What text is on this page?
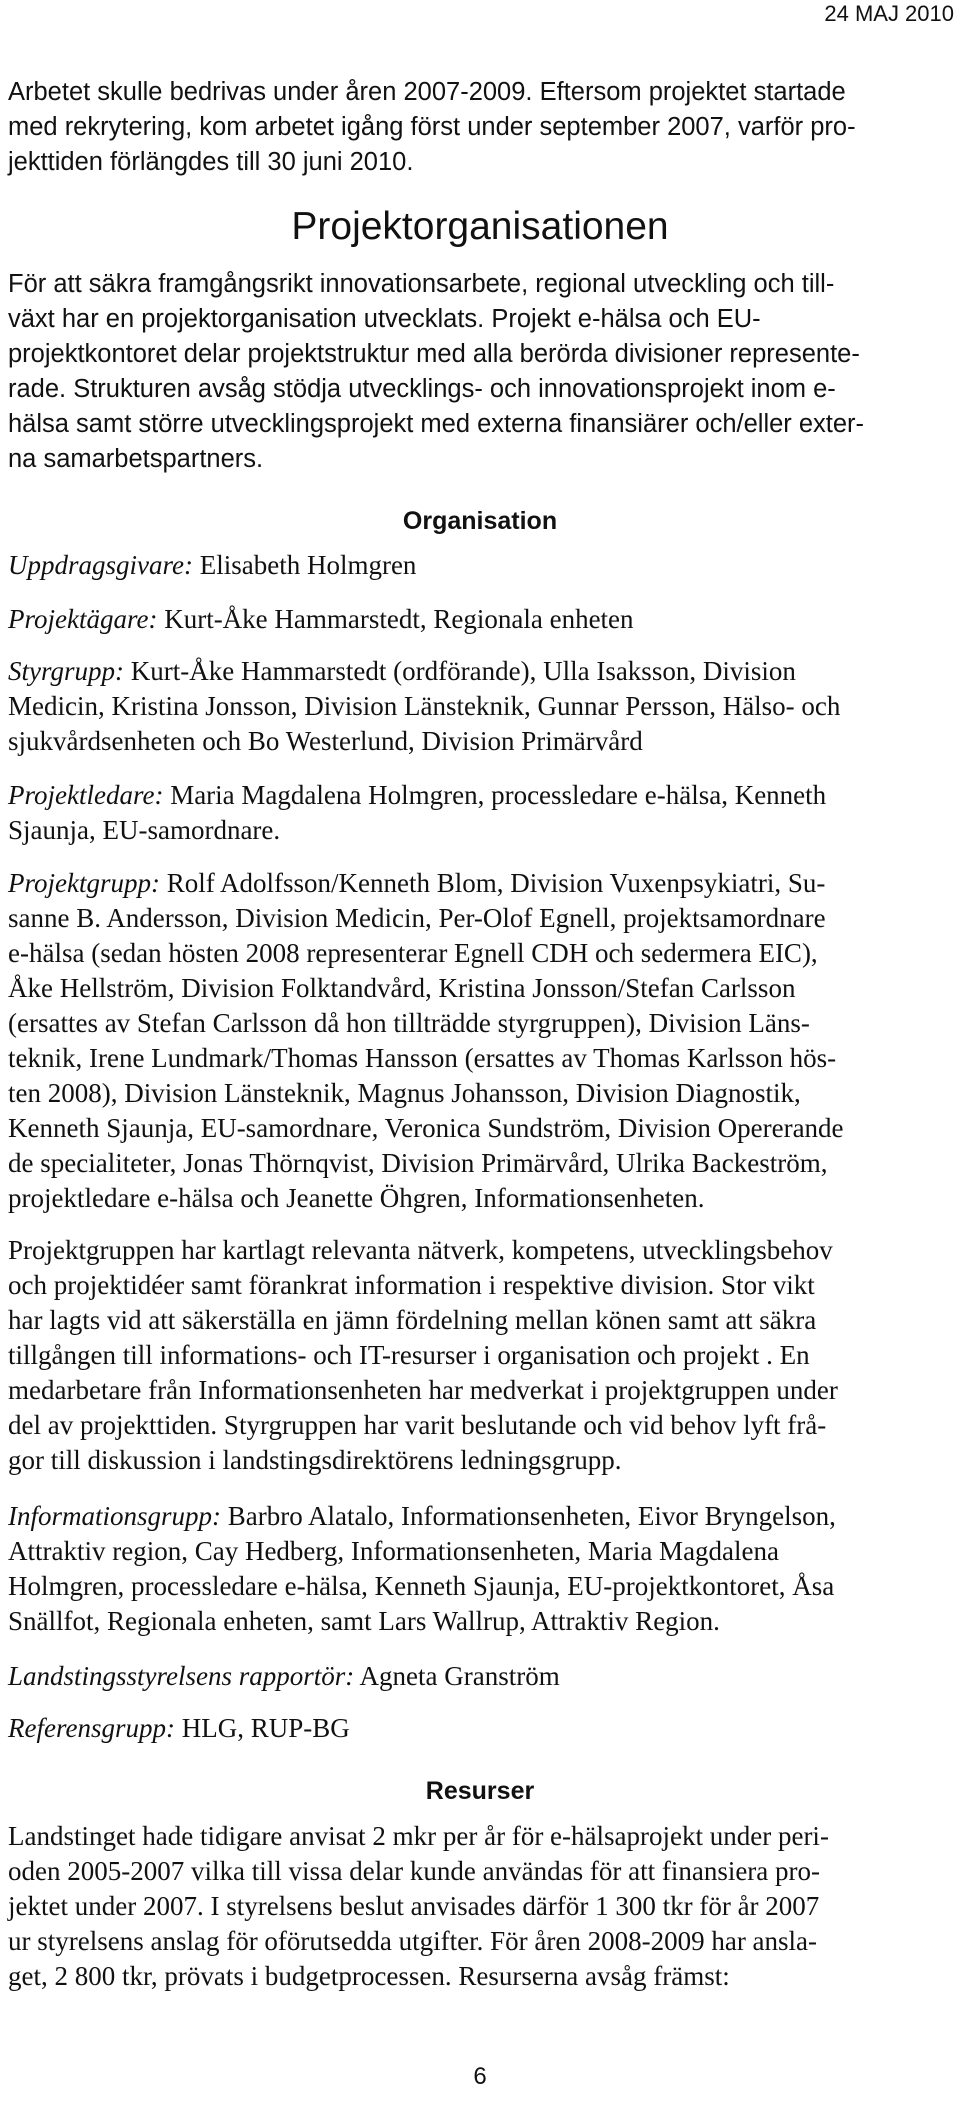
24 MAJ 2010
Arbetet skulle bedrivas under åren 2007-2009. Eftersom projektet startade
med rekrytering, kom arbetet igång först under september 2007, varför pro-
jekttiden förlängdes till 30 juni 2010.
Projektorganisationen
För att säkra framgångsrikt innovationsarbete, regional utveckling och till-
växt har en projektorganisation utvecklats. Projekt e-hälsa och EU-
projektkontoret delar projektstruktur med alla berörda divisioner represente-
rade. Strukturen avsåg stödja utvecklings- och innovationsprojekt inom e-
hälsa samt större utvecklingsprojekt med externa finansiärer och/eller exter-
na samarbetspartners.
Organisation
Uppdragsgivare: Elisabeth Holmgren
Projektägare: Kurt-Åke Hammarstedt, Regionala enheten
Styrgrupp: Kurt-Åke Hammarstedt (ordförande), Ulla Isaksson, Division
Medicin, Kristina Jonsson, Division Länsteknik, Gunnar Persson, Hälso- och
sjukvårdsenheten och Bo Westerlund, Division Primärvård
Projektledare: Maria Magdalena Holmgren, processledare e-hälsa, Kenneth
Sjaunja, EU-samordnare.
Projektgrupp: Rolf Adolfsson/Kenneth Blom, Division Vuxenpsykiatri, Su-
sanne B. Andersson, Division Medicin, Per-Olof Egnell, projektsamordnare
e-hälsa (sedan hösten 2008 representerar Egnell CDH och sedermera EIC),
Åke Hellström, Division Folktandvård, Kristina Jonsson/Stefan Carlsson
(ersattes av Stefan Carlsson då hon tillträdde styrgruppen), Division Läns-
teknik, Irene Lundmark/Thomas Hansson (ersattes av Thomas Karlsson hös-
ten 2008), Division Länsteknik, Magnus Johansson, Division Diagnostik,
Kenneth Sjaunja, EU-samordnare, Veronica Sundström, Division Opererande
de specialiteter, Jonas Thörnqvist, Division Primärvård, Ulrika Backeström,
projektledare e-hälsa och Jeanette Öhgren, Informationsenheten.
Projektgruppen har kartlagt relevanta nätverk, kompetens, utvecklingsbehov
och projektidéer samt förankrat information i respektive division. Stor vikt
har lagts vid att säkerställa en jämn fördelning mellan könen samt att säkra
tillgången till informations- och IT-resurser i organisation och projekt . En
medarbetare från Informationsenheten har medverkat i projektgruppen under
del av projekttiden. Styrgruppen har varit beslutande och vid behov lyft frå-
gor till diskussion i landstingsdirektörens ledningsgrupp.
Informationsgrupp: Barbro Alatalo, Informationsenheten, Eivor Bryngelson,
Attraktiv region, Cay Hedberg, Informationsenheten, Maria Magdalena
Holmgren, processledare e-hälsa, Kenneth Sjaunja, EU-projektkontoret, Åsa
Snällfot, Regionala enheten, samt Lars Wallrup, Attraktiv Region.
Landstingsstyrelsens rapportör: Agneta Granström
Referensgrupp: HLG, RUP-BG
Resurser
Landstinget hade tidigare anvisat 2 mkr per år för e-hälsaprojekt under peri-
oden 2005-2007 vilka till vissa delar kunde användas för att finansiera pro-
jektet under 2007. I styrelsens beslut anvisades därför 1 300 tkr för år 2007
ur styrelsens anslag för oförutsedda utgifter. För åren 2008-2009 har ansla-
get, 2 800 tkr, prövats i budgetprocessen. Resurserna avsåg främst:
6
